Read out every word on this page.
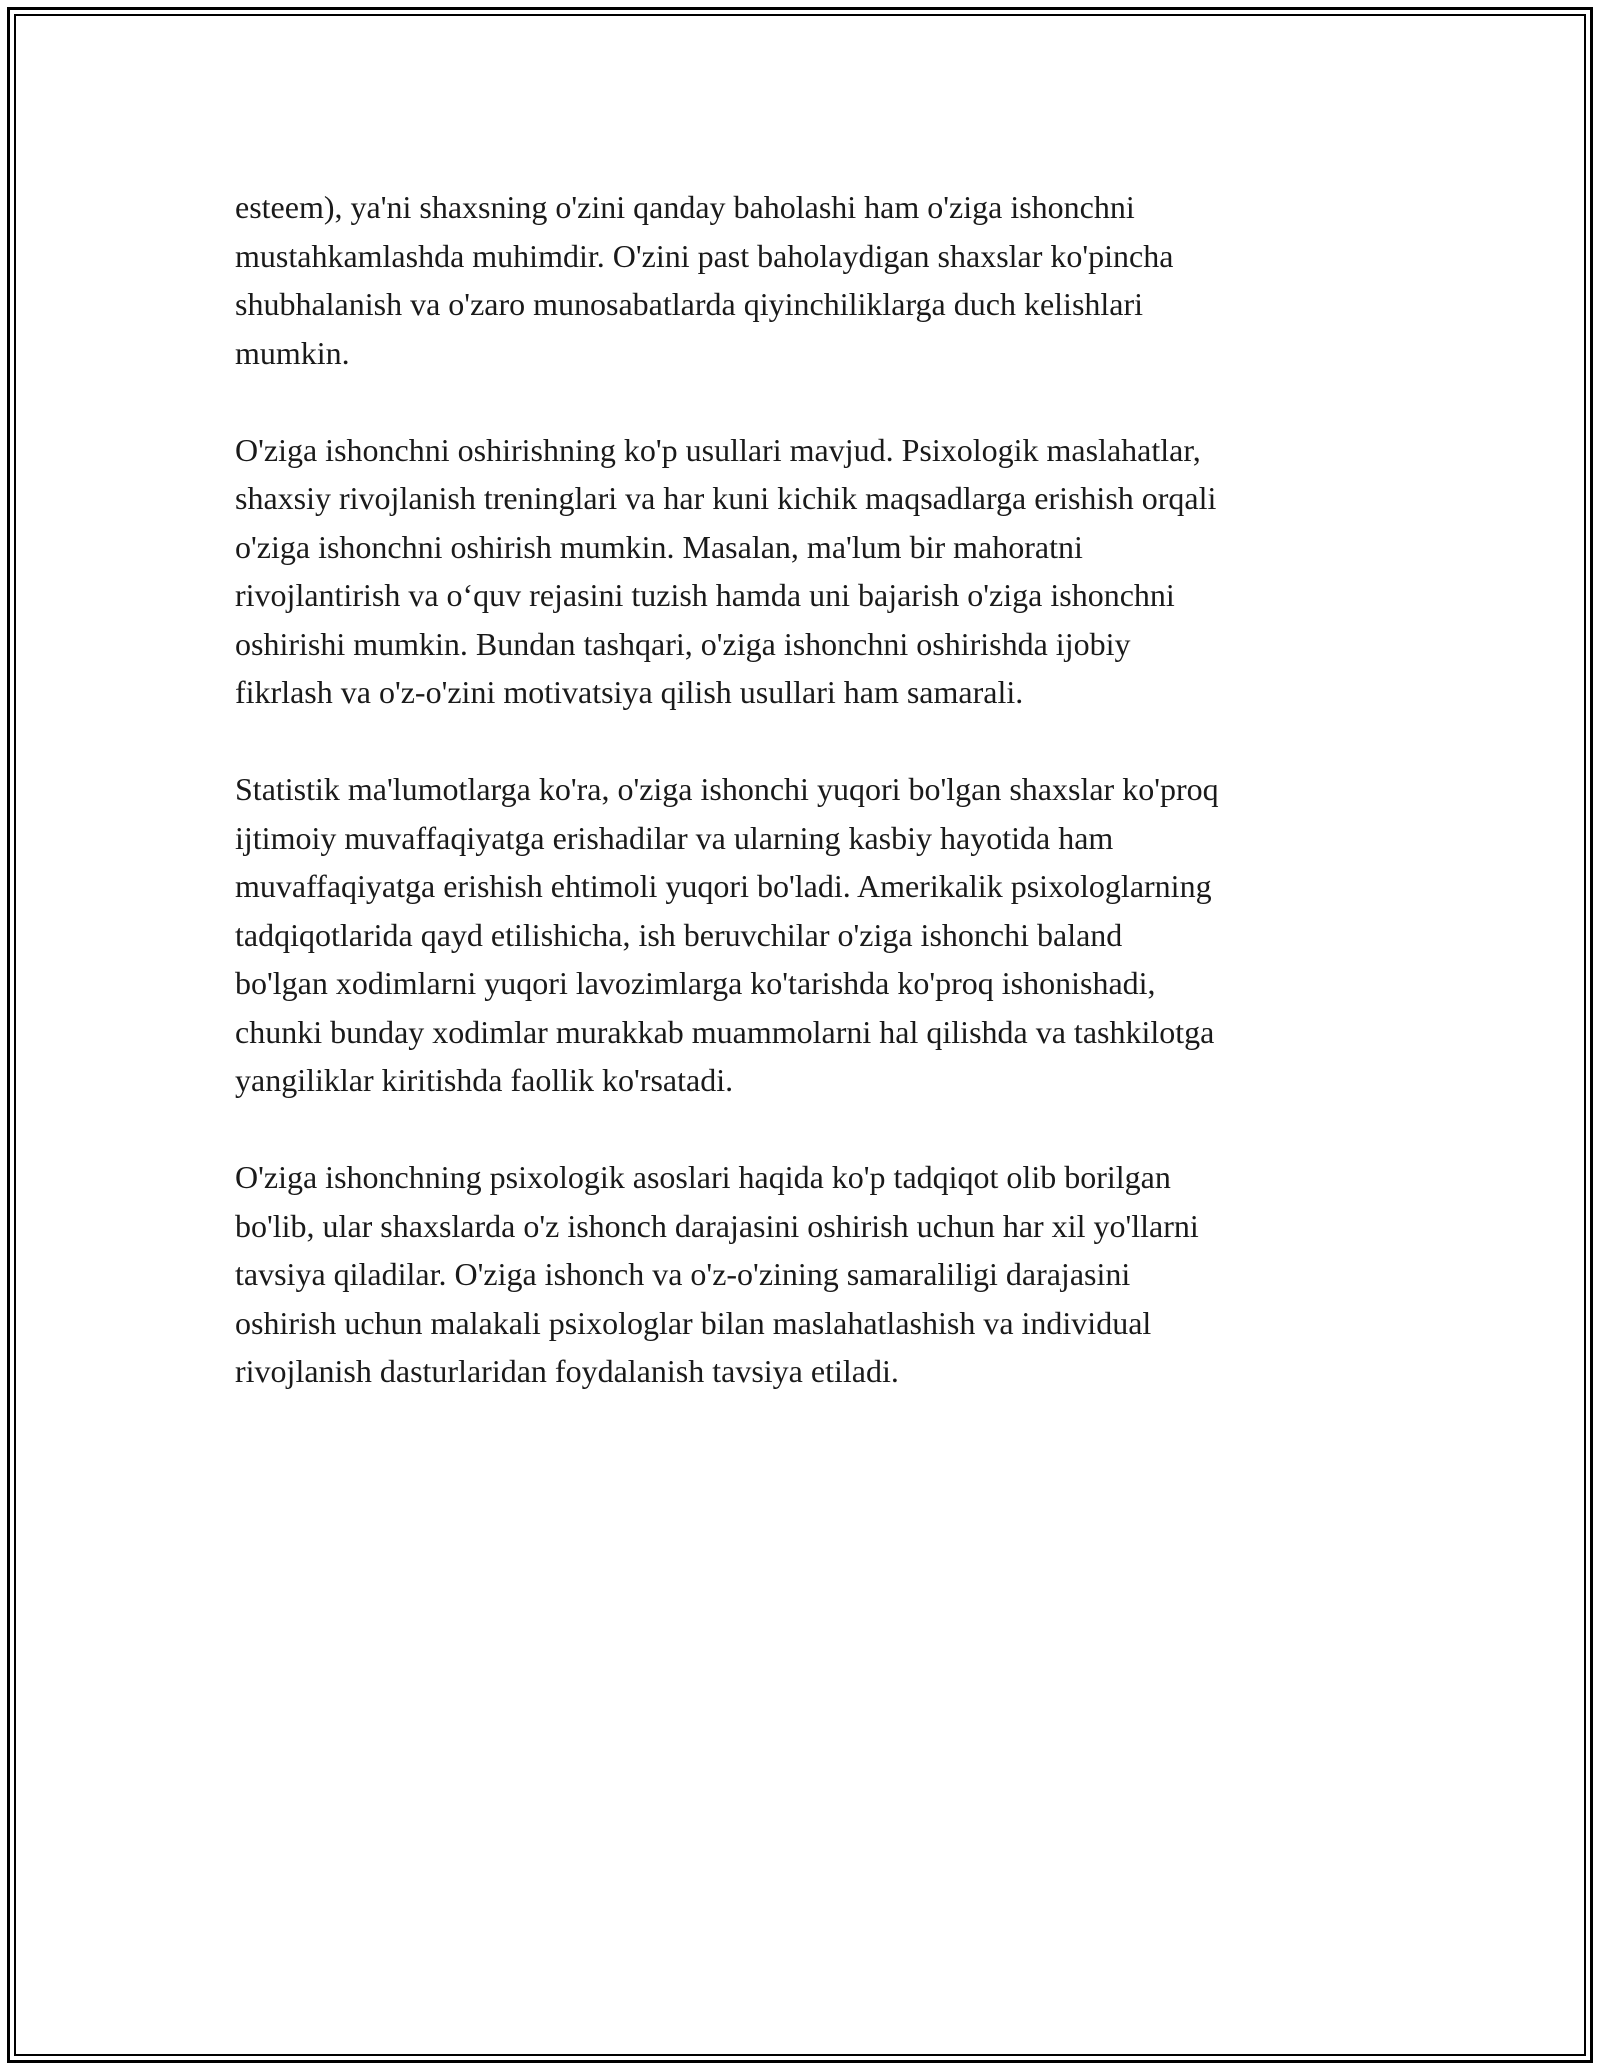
esteem), ya'ni shaxsning o'zini qanday baholashi ham o'ziga ishonchni
mustahkamlashda muhimdir. O'zini past baholaydigan shaxslar ko'pincha
shubhalanish va o'zaro munosabatlarda qiyinchiliklarga duch kelishlari
mumkin.

O'ziga ishonchni oshirishning ko'p usullari mavjud. Psixologik maslahatlar,
shaxsiy rivojlanish treninglari va har kuni kichik maqsadlarga erishish orqali
o'ziga ishonchni oshirish mumkin. Masalan, ma'lum bir mahoratni
rivojlantirish va o‘quv rejasini tuzish hamda uni bajarish o'ziga ishonchni
oshirishi mumkin. Bundan tashqari, o'ziga ishonchni oshirishda ijobiy
fikrlash va o'z-o'zini motivatsiya qilish usullari ham samarali.

Statistik ma'lumotlarga ko'ra, o'ziga ishonchi yuqori bo'lgan shaxslar ko'proq
ijtimoiy muvaffaqiyatga erishadilar va ularning kasbiy hayotida ham
muvaffaqiyatga erishish ehtimoli yuqori bo'ladi. Amerikalik psixologlarning
tadqiqotlarida qayd etilishicha, ish beruvchilar o'ziga ishonchi baland
bo'lgan xodimlarni yuqori lavozimlarga ko'tarishda ko'proq ishonishadi,
chunki bunday xodimlar murakkab muammolarni hal qilishda va tashkilotga
yangiliklar kiritishda faollik ko'rsatadi.

O'ziga ishonchning psixologik asoslari haqida ko'p tadqiqot olib borilgan
bo'lib, ular shaxslarda o'z ishonch darajasini oshirish uchun har xil yo'llarni
tavsiya qiladilar. O'ziga ishonch va o'z-o'zining samaraliligi darajasini
oshirish uchun malakali psixologlar bilan maslahatlashish va individual
rivojlanish dasturlaridan foydalanish tavsiya etiladi.
